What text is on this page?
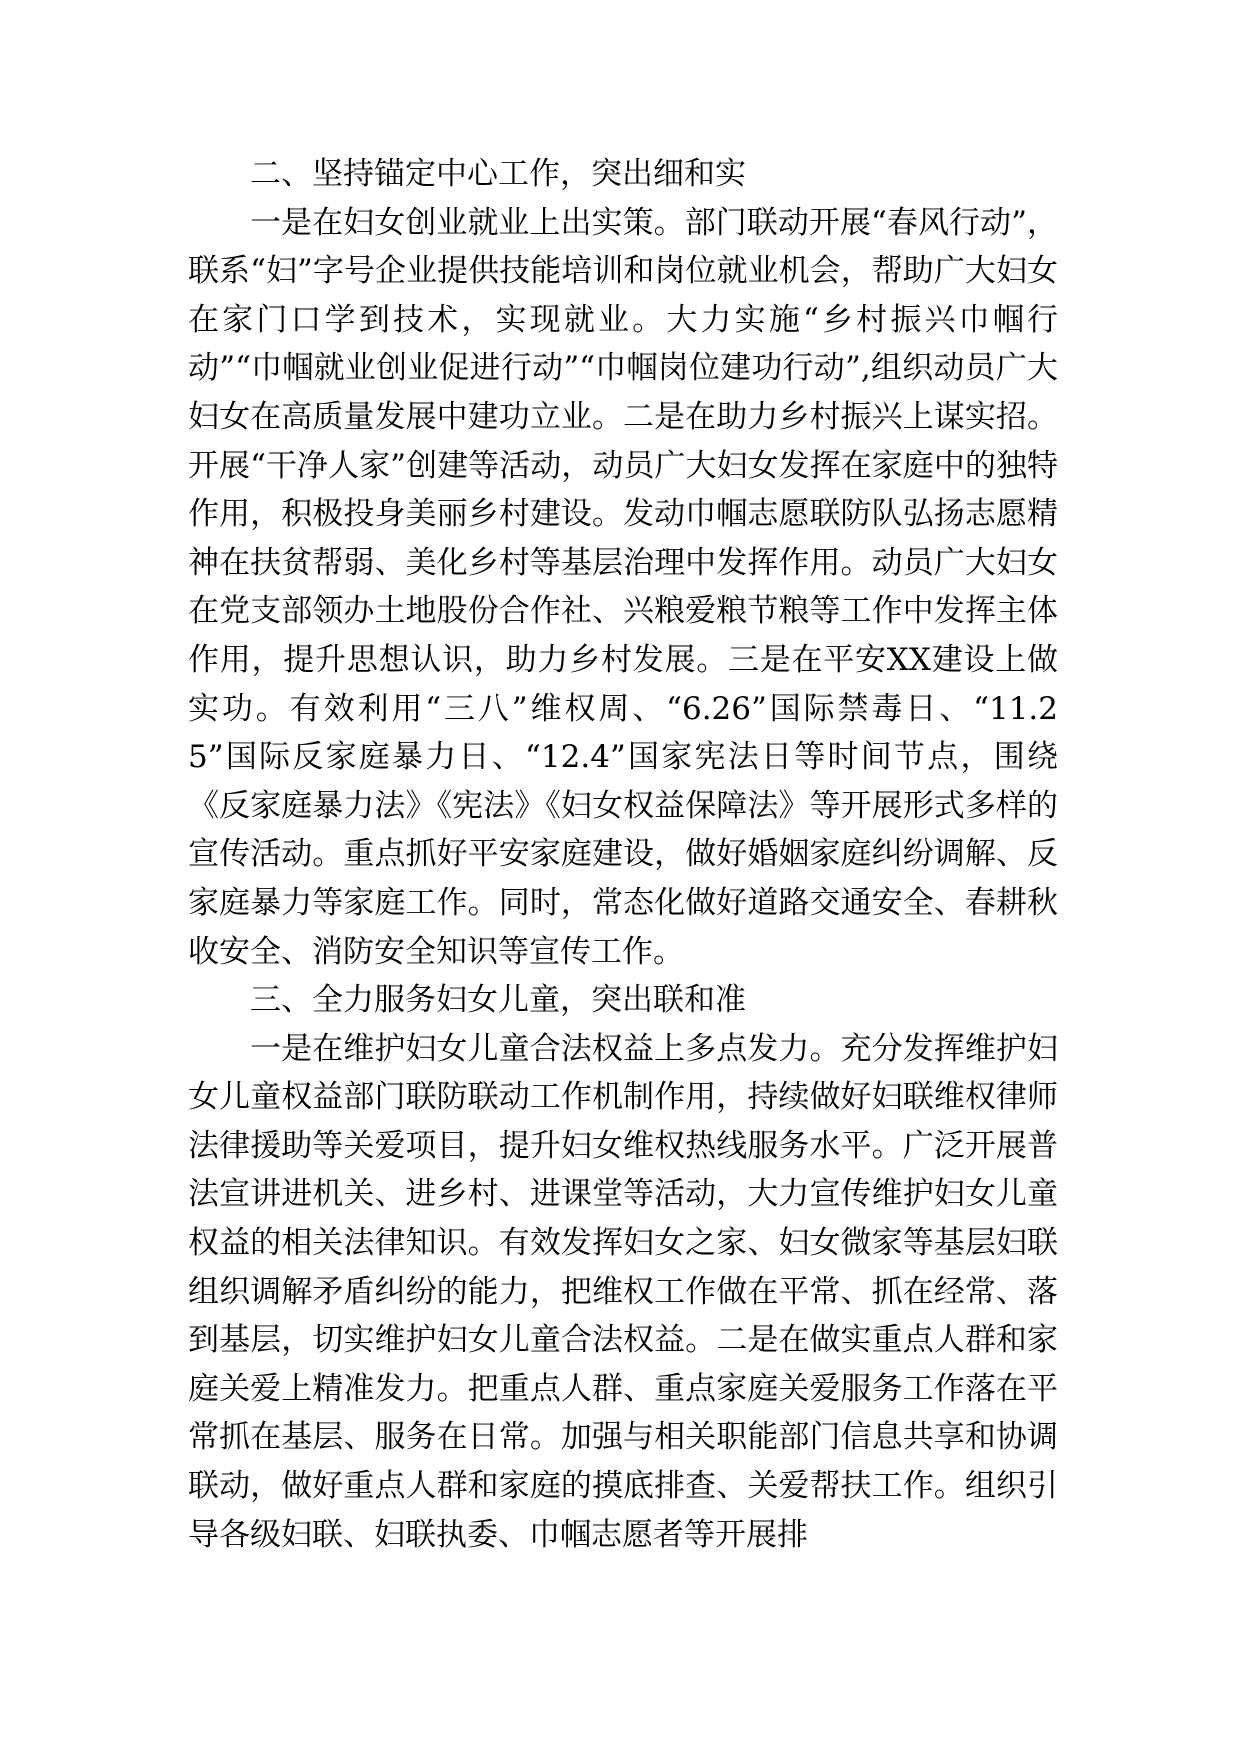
二、坚持锚定中心工作，突出细和实

一是在妇女创业就业上出实策。部门联动开展“春风行动”，联系“妇”字号企业提供技能培训和岗位就业机会，帮助广大妇女在家门口学到技术，实现就业。大力实施“乡村振兴巾帼行动”“巾帼就业创业促进行动”“巾帼岗位建功行动”,组织动员广大妇女在高质量发展中建功立业。二是在助力乡村振兴上谋实招。开展“干净人家”创建等活动，动员广大妇女发挥在家庭中的独特作用，积极投身美丽乡村建设。发动巾帼志愿联防队弘扬志愿精神在扶贫帮弱、美化乡村等基层治理中发挥作用。动员广大妇女在党支部领办土地股份合作社、兴粮爱粮节粮等工作中发挥主体作用，提升思想认识，助力乡村发展。三是在平安XX建设上做实功。有效利用“三八”维权周、“6.26”国际禁毒日、“11.25”国际反家庭暴力日、“12.4”国家宪法日等时间节点，围绕《反家庭暴力法》《宪法》《妇女权益保障法》等开展形式多样的宣传活动。重点抓好平安家庭建设，做好婚姻家庭纠纷调解、反家庭暴力等家庭工作。同时，常态化做好道路交通安全、春耕秋收安全、消防安全知识等宣传工作。

三、全力服务妇女儿童，突出联和准

一是在维护妇女儿童合法权益上多点发力。充分发挥维护妇女儿童权益部门联防联动工作机制作用，持续做好妇联维权律师法律援助等关爱项目，提升妇女维权热线服务水平。广泛开展普法宣讲进机关、进乡村、进课堂等活动，大力宣传维护妇女儿童权益的相关法律知识。有效发挥妇女之家、妇女微家等基层妇联组织调解矛盾纠纷的能力，把维权工作做在平常、抓在经常、落到基层，切实维护妇女儿童合法权益。二是在做实重点人群和家庭关爱上精准发力。把重点人群、重点家庭关爱服务工作落在平常抓在基层、服务在日常。加强与相关职能部门信息共享和协调联动，做好重点人群和家庭的摸底排查、关爱帮扶工作。组织引导各级妇联、妇联执委、巾帼志愿者等开展排
